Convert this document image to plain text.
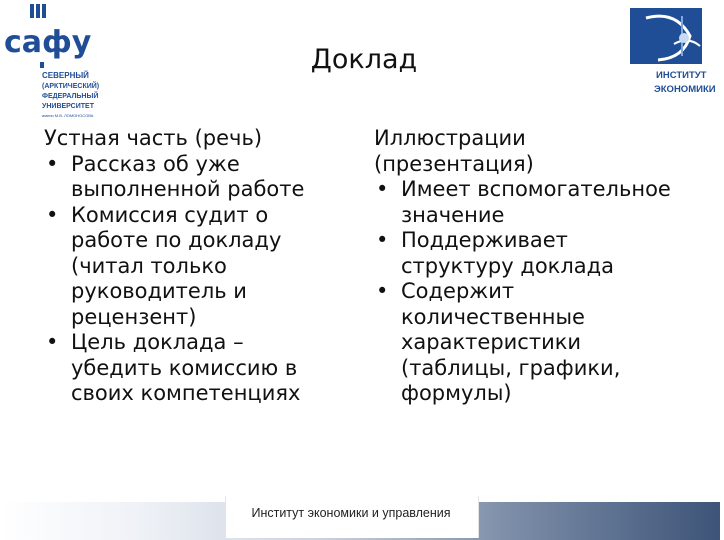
сафу
СЕВЕРНЫЙ
(АРКТИЧЕСКИЙ)
ФЕДЕРАЛЬНЫЙ
УНИВЕРСИТЕТ
имени М.В. ЛОМОНОСОВА
ИНСТИТУТ
ЭКОНОМИКИ
Доклад

Устная часть (речь)

• Рассказ об уже выполненной работе
• Комиссия судит о работе по докладу (читал только руководитель и рецензент)
• Цель доклада – убедить комиссию в своих компетенциях

Иллюстрации (презентация)

• Имеет вспомогательное значение
• Поддерживает структуру доклада
• Содержит количественные характеристики (таблицы, графики, формулы)
Институт экономики и управления
